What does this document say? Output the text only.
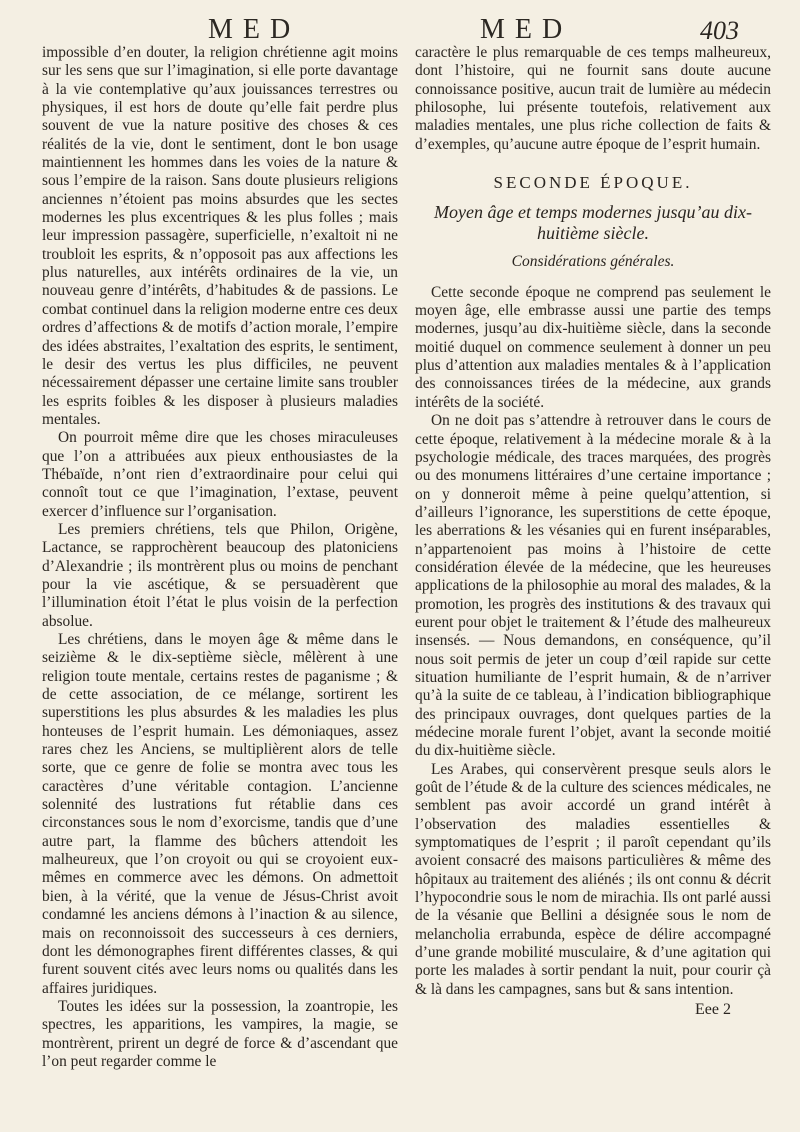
MED	MED	403

impossible d’en douter, la religion chrétienne agit moins sur les sens que sur l’imagination, si elle porte davantage à la vie contemplative qu’aux jouissances terrestres ou physiques, il est hors de doute qu’elle fait perdre plus souvent de vue la nature positive des choses & ces réalités de la vie, dont le sentiment, dont le bon usage maintiennent les hommes dans les voies de la nature & sous l’empire de la raison. Sans doute plusieurs religions anciennes n’étoient pas moins absurdes que les sectes modernes les plus excentriques & les plus folles ; mais leur impression passagère, superficielle, n’exaltoit ni ne troubloit les esprits, & n’opposoit pas aux affections les plus naturelles, aux intérêts ordinaires de la vie, un nouveau genre d’intérêts, d’habitudes & de passions. Le combat continuel dans la religion moderne entre ces deux ordres d’affections & de motifs d’action morale, l’empire des idées abstraites, l’exaltation des esprits, le sentiment, le desir des vertus les plus difficiles, ne peuvent nécessairement dépasser une certaine limite sans troubler les esprits foibles & les disposer à plusieurs maladies mentales.

On pourroit même dire que les choses miraculeuses que l’on a attribuées aux pieux enthousiastes de la Thébaïde, n’ont rien d’extraordinaire pour celui qui connoît tout ce que l’imagination, l’extase, peuvent exercer d’influence sur l’organisation.

Les premiers chrétiens, tels que Philon, Origène, Lactance, se rapprochèrent beaucoup des platoniciens d’Alexandrie ; ils montrèrent plus ou moins de penchant pour la vie ascétique, & se persuadèrent que l’illumination étoit l’état le plus voisin de la perfection absolue.

Les chrétiens, dans le moyen âge & même dans le seizième & le dix-septième siècle, mêlèrent à une religion toute mentale, certains restes de paganisme ; & de cette association, de ce mélange, sortirent les superstitions les plus absurdes & les maladies les plus honteuses de l’esprit humain. Les démoniaques, assez rares chez les Anciens, se multiplièrent alors de telle sorte, que ce genre de folie se montra avec tous les caractères d’une véritable contagion. L’ancienne solennité des lustrations fut rétablie dans ces circonstances sous le nom d’exorcisme, tandis que d’une autre part, la flamme des bûchers attendoit les malheureux, que l’on croyoit ou qui se croyoient eux-mêmes en commerce avec les démons. On admettoit bien, à la vérité, que la venue de Jésus-Christ avoit condamné les anciens démons à l’inaction & au silence, mais on reconnoissoit des successeurs à ces derniers, dont les démonographes firent différentes classes, & qui furent souvent cités avec leurs noms ou qualités dans les affaires juridiques.

Toutes les idées sur la possession, la zoantropie, les spectres, les apparitions, les vampires, la magie, se montrèrent, prirent un degré de force & d’ascendant que l’on peut regarder comme le

caractère le plus remarquable de ces temps malheureux, dont l’histoire, qui ne fournit sans doute aucune connoissance positive, aucun trait de lumière au médecin philosophe, lui présente toutefois, relativement aux maladies mentales, une plus riche collection de faits & d’exemples, qu’aucune autre époque de l’esprit humain.

SECONDE ÉPOQUE.
Moyen âge et temps modernes jusqu’au dix-huitième siècle.
Considérations générales.

Cette seconde époque ne comprend pas seulement le moyen âge, elle embrasse aussi une partie des temps modernes, jusqu’au dix-huitième siècle, dans la seconde moitié duquel on commence seulement à donner un peu plus d’attention aux maladies mentales & à l’application des connoissances tirées de la médecine, aux grands intérêts de la société.

On ne doit pas s’attendre à retrouver dans le cours de cette époque, relativement à la médecine morale & à la psychologie médicale, des traces marquées, des progrès ou des monumens littéraires d’une certaine importance ; on y donneroit même à peine quelqu’attention, si d’ailleurs l’ignorance, les superstitions de cette époque, les aberrations & les vésanies qui en furent inséparables, n’appartenoient pas moins à l’histoire de cette considération élevée de la médecine, que les heureuses applications de la philosophie au moral des malades, & la promotion, les progrès des institutions & des travaux qui eurent pour objet le traitement & l’étude des malheureux insensés. — Nous demandons, en conséquence, qu’il nous soit permis de jeter un coup d’œil rapide sur cette situation humiliante de l’esprit humain, & de n’arriver qu’à la suite de ce tableau, à l’indication bibliographique des principaux ouvrages, dont quelques parties de la médecine morale furent l’objet, avant la seconde moitié du dix-huitième siècle.

Les Arabes, qui conservèrent presque seuls alors le goût de l’étude & de la culture des sciences médicales, ne semblent pas avoir accordé un grand intérêt à l’observation des maladies essentielles & symptomatiques de l’esprit ; il paroît cependant qu’ils avoient consacré des maisons particulières & même des hôpitaux au traitement des aliénés ; ils ont connu & décrit l’hypocondrie sous le nom de mirachia. Ils ont parlé aussi de la vésanie que Bellini a désignée sous le nom de melancholia errabunda, espèce de délire accompagné d’une grande mobilité musculaire, & d’une agitation qui porte les malades à sortir pendant la nuit, pour courir çà & là dans les campagnes, sans but & sans intention.

Eee 2
